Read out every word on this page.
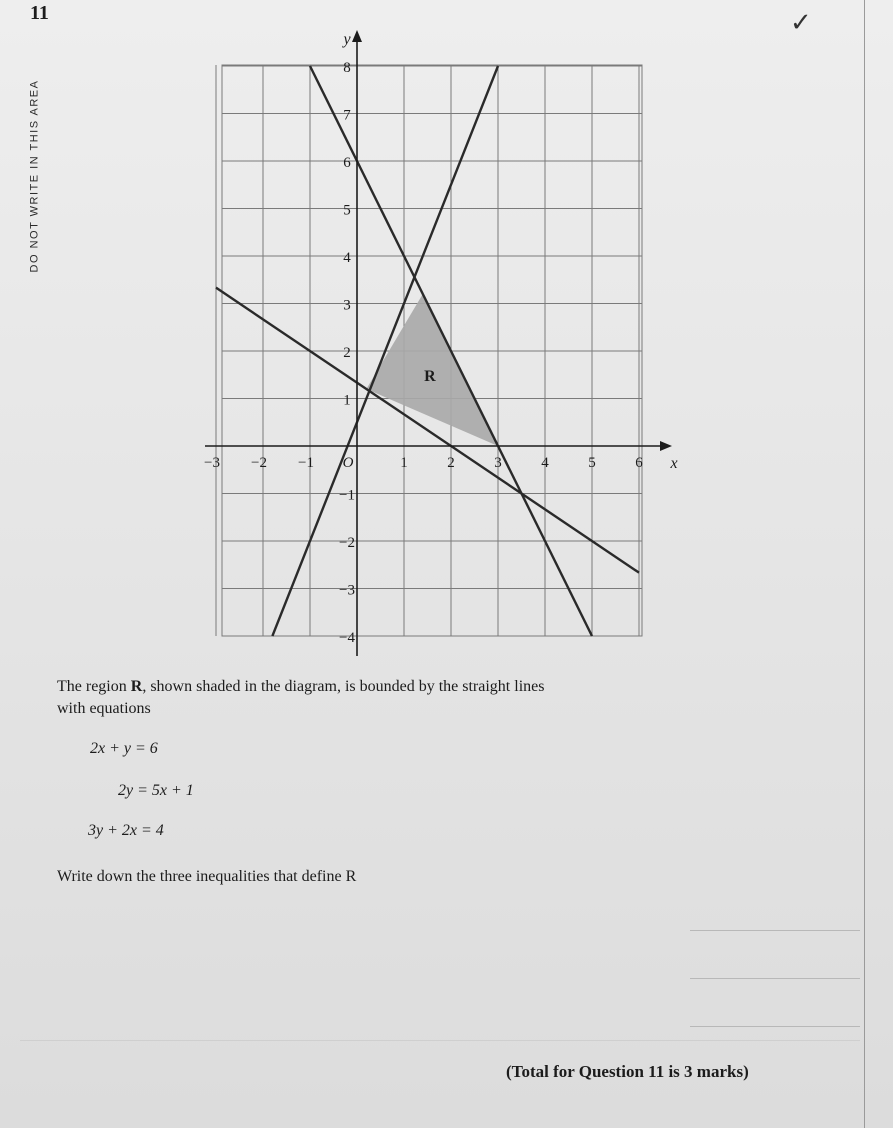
11
DO NOT WRITE IN THIS AREA
✓
−3 −2 −1	1	2	3	4	5	6
8
7
6
5
4
3
2
1
−1
−2
−3
−4
O	x
y
R
The region R, shown shaded in the diagram, is bounded by the straight lines
with equations
2x + y = 6
2y = 5x + 1
3y + 2x = 4
Write down the three inequalities that define R
(Total for Question 11 is 3 marks)
